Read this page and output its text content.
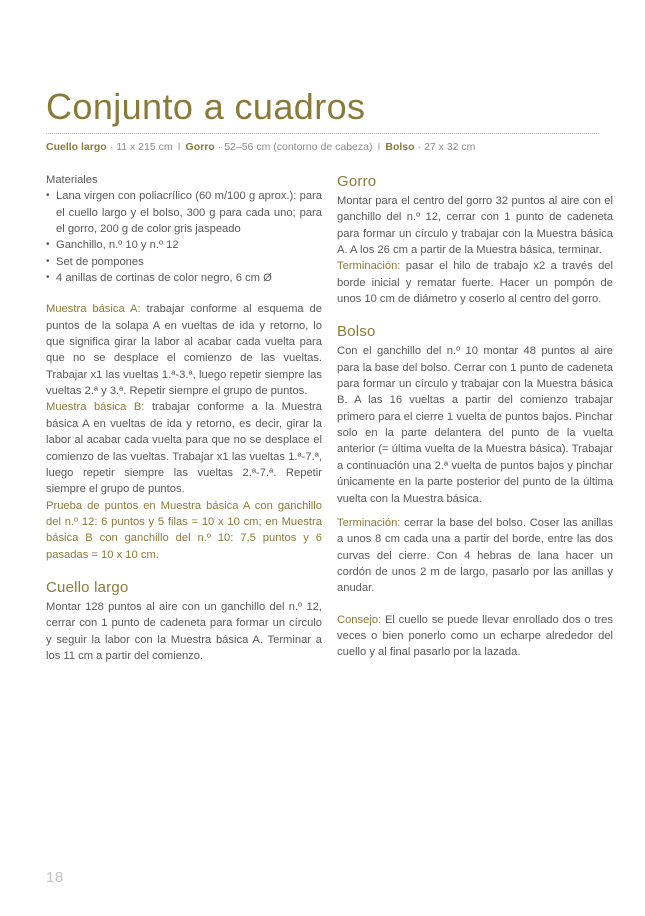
Conjunto a cuadros
Cuello largo · 11 x 215 cm I Gorro · 52–56 cm (contorno de cabeza) I Bolso · 27 x 32 cm

Materiales

• Lana virgen con poliacrílico (60 m/100 g aprox.): para el cuello largo y el bolso, 300 g para cada uno; para el gorro, 200 g de color gris jaspeado
• Ganchillo, n.º 10 y n.º 12
• Set de pompones
• 4 anillas de cortinas de color negro, 6 cm Ø

Muestra básica A: trabajar conforme al esquema de puntos de la solapa A en vueltas de ida y retorno, lo que significa girar la labor al acabar cada vuelta para que no se desplace el comienzo de las vueltas. Trabajar x1 las vueltas 1.ª-3.ª, luego repetir siempre las vueltas 2.ª y 3.ª. Repetir siempre el grupo de puntos.

Muestra básica B: trabajar conforme a la Muestra básica A en vueltas de ida y retorno, es decir, girar la labor al acabar cada vuelta para que no se desplace el comienzo de las vueltas. Trabajar x1 las vueltas 1.ª-7.ª, luego repetir siempre las vueltas 2.ª-7.ª. Repetir siempre el grupo de puntos.

Prueba de puntos en Muestra básica A con ganchillo del n.º 12: 6 puntos y 5 filas = 10 x 10 cm; en Muestra básica B con ganchillo del n.º 10: 7,5 puntos y 6 pasadas = 10 x 10 cm.

Cuello largo

Montar 128 puntos al aire con un ganchillo del n.º 12, cerrar con 1 punto de cadeneta para formar un círculo y seguir la labor con la Muestra básica A. Terminar a los 11 cm a partir del comienzo.

Gorro

Montar para el centro del gorro 32 puntos al aire con el ganchillo del n.º 12, cerrar con 1 punto de cadeneta para formar un círculo y trabajar con la Muestra básica A. A los 26 cm a partir de la Muestra básica, terminar.

Terminación: pasar el hilo de trabajo x2 a través del borde inicial y rematar fuerte. Hacer un pompón de unos 10 cm de diámetro y coserlo al centro del gorro.

Bolso

Con el ganchillo del n.º 10 montar 48 puntos al aire para la base del bolso. Cerrar con 1 punto de cadeneta para formar un círculo y trabajar con la Muestra básica B. A las 16 vueltas a partir del comienzo trabajar primero para el cierre 1 vuelta de puntos bajos. Pinchar solo en la parte delantera del punto de la vuelta anterior (= última vuelta de la Muestra básica). Trabajar a continuación una 2.ª vuelta de puntos bajos y pinchar únicamente en la parte posterior del punto de la última vuelta con la Muestra básica.

Terminación: cerrar la base del bolso. Coser las anillas a unos 8 cm cada una a partir del borde, entre las dos curvas del cierre. Con 4 hebras de lana hacer un cordón de unos 2 m de largo, pasarlo por las anillas y anudar.

Consejo: El cuello se puede llevar enrollado dos o tres veces o bien ponerlo como un echarpe alrededor del cuello y al final pasarlo por la lazada.

18
